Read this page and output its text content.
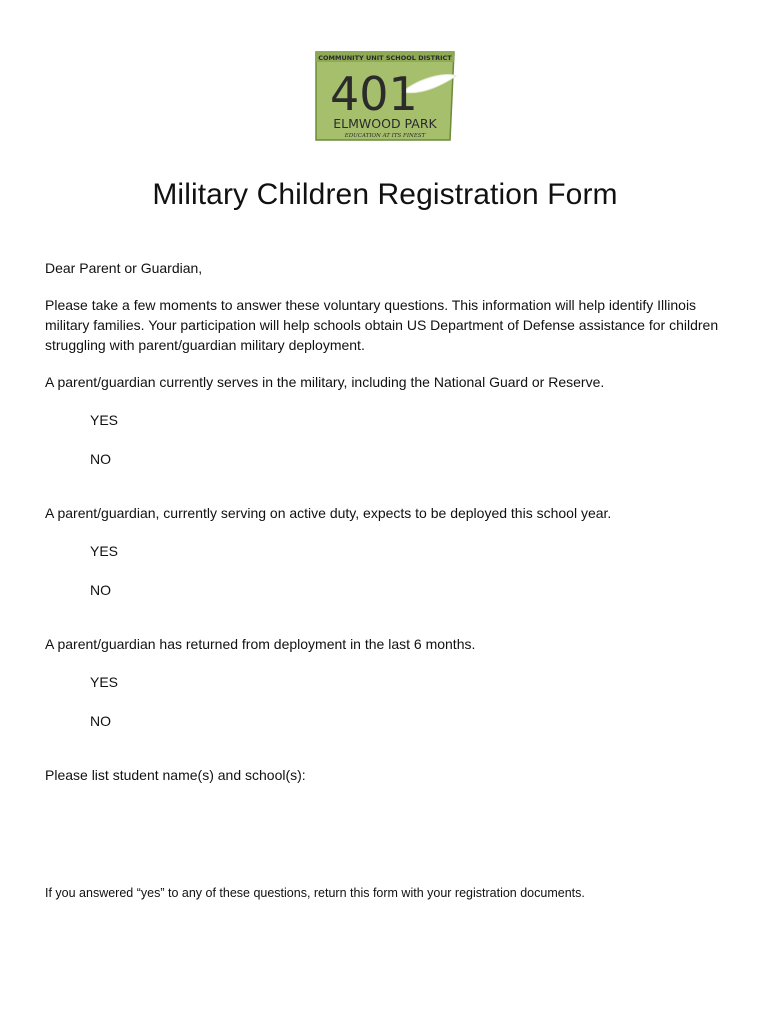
COMMUNITY UNIT SCHOOL DISTRICT
401
ELMWOOD PARK
EDUCATION AT ITS FINEST
Military Children Registration Form
Dear Parent or Guardian,
Please take a few moments to answer these voluntary questions. This information will help identify Illinois military families. Your participation will help schools obtain US Department of Defense assistance for children struggling with parent/guardian military deployment.
A parent/guardian currently serves in the military, including the National Guard or Reserve.
YES
NO
A parent/guardian, currently serving on active duty, expects to be deployed this school year.
YES
NO
A parent/guardian has returned from deployment in the last 6 months.
YES
NO
Please list student name(s) and school(s):
If you answered “yes” to any of these questions, return this form with your registration documents.
